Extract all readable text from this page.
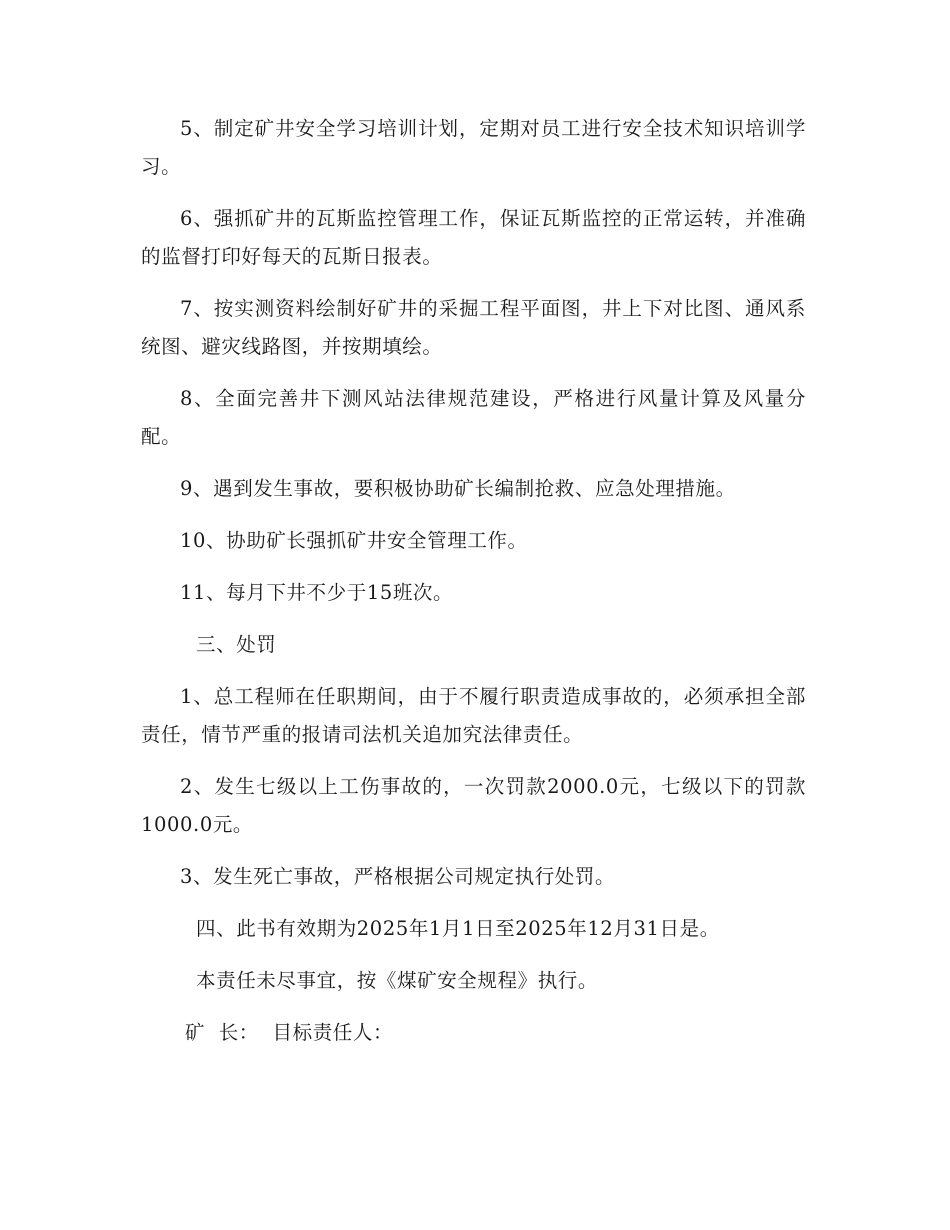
5、制定矿井安全学习培训计划，定期对员工进行安全技术知识培训学习。

6、强抓矿井的瓦斯监控管理工作，保证瓦斯监控的正常运转，并准确的监督打印好每天的瓦斯日报表。

7、按实测资料绘制好矿井的采掘工程平面图，井上下对比图、通风系统图、避灾线路图，并按期填绘。

8、全面完善井下测风站法律规范建设，严格进行风量计算及风量分配。

9、遇到发生事故，要积极协助矿长编制抢救、应急处理措施。

10、协助矿长强抓矿井安全管理工作。

11、每月下井不少于15班次。

三、处罚

1、总工程师在任职期间，由于不履行职责造成事故的，必须承担全部责任，情节严重的报请司法机关追加究法律责任。

2、发生七级以上工伤事故的，一次罚款2000.0元，七级以下的罚款1000.0元。

3、发生死亡事故，严格根据公司规定执行处罚。

四、此书有效期为2025年1月1日至2025年12月31日是。

本责任未尽事宜，按《煤矿安全规程》执行。

矿  长：  目标责任人：
